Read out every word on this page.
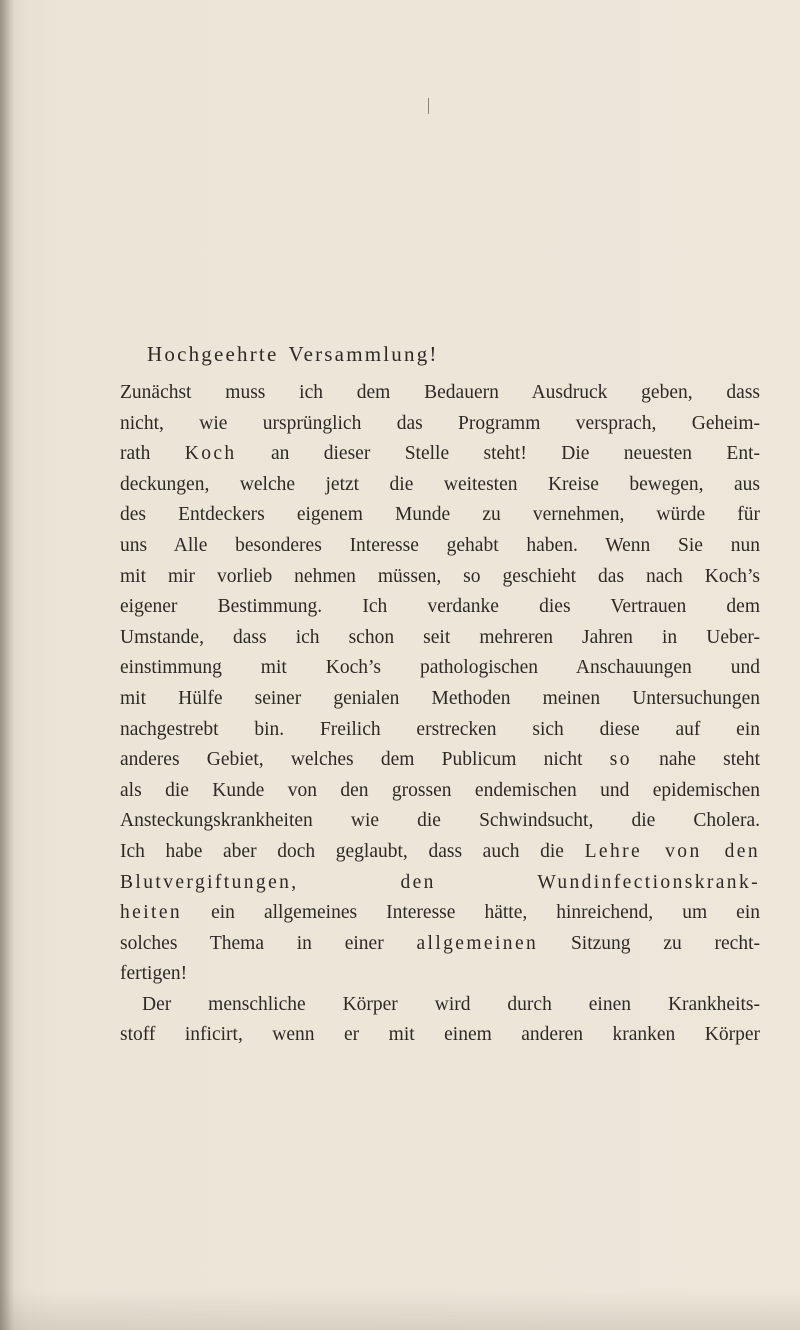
Hochgeehrte Versammlung!
Zunächst muss ich dem Bedauern Ausdruck geben, dass
nicht, wie ursprünglich das Programm versprach, Geheim-
rath Koch an dieser Stelle steht! Die neuesten Ent-
deckungen, welche jetzt die weitesten Kreise bewegen, aus
des Entdeckers eigenem Munde zu vernehmen, würde für
uns Alle besonderes Interesse gehabt haben. Wenn Sie nun
mit mir vorlieb nehmen müssen, so geschieht das nach Koch’s
eigener Bestimmung. Ich verdanke dies Vertrauen dem
Umstande, dass ich schon seit mehreren Jahren in Ueber-
einstimmung mit Koch’s pathologischen Anschauungen und
mit Hülfe seiner genialen Methoden meinen Untersuchungen
nachgestrebt bin. Freilich erstrecken sich diese auf ein
anderes Gebiet, welches dem Publicum nicht so nahe steht
als die Kunde von den grossen endemischen und epidemischen
Ansteckungskrankheiten wie die Schwindsucht, die Cholera.
Ich habe aber doch geglaubt, dass auch die Lehre von den
Blutvergiftungen, den Wundinfectionskrank-
heiten ein allgemeines Interesse hätte, hinreichend, um ein
solches Thema in einer allgemeinen Sitzung zu recht-
fertigen!
Der menschliche Körper wird durch einen Krankheits-
stoff inficirt, wenn er mit einem anderen kranken Körper
